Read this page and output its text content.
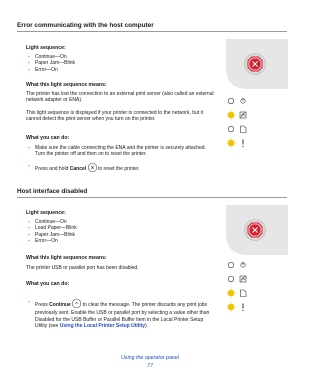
Error communicating with the host computer

Light sequence:

- Continue—On
- Paper Jam—Blink
- Error—On

What this light sequence means:

The printer has lost the connection to an external print server (also called an external network adapter or ENA).

This light sequence is displayed if your printer is connected to the network, but it cannot detect the print server when you turn on the printer.

What you can do:

- Make sure the cable connecting the ENA and the printer is securely attached. Turn the printer off and then on to reset the printer.
- Press and hold Cancel to reset the printer.
Host interface disabled

Light sequence:

- Continue—On
- Load Paper—Blink
- Paper Jam—Blink
- Error—On

What this light sequence means:

The printer USB or parallel port has been disabled.

What you can do:

- Press Continue to clear the message. The printer discards any print jobs previously sent. Enable the USB or parallel port by selecting a value other than Disabled for the USB Buffer or Parallel Buffer item in the Local Printer Setup Utility (see Using the Local Printer Setup Utility).

Using the operator panel

77
